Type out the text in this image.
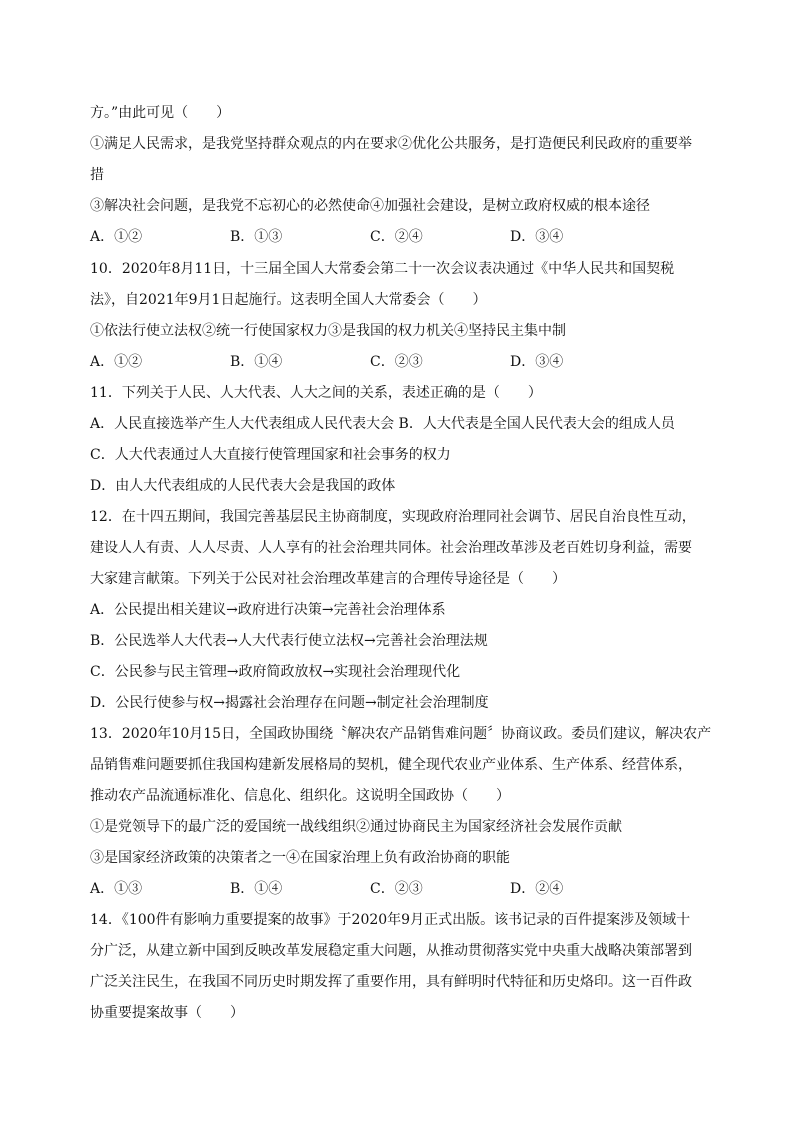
方。”由此可见（　　）
①满足人民需求，是我党坚持群众观点的内在要求②优化公共服务，是打造便民利民政府的重要举
措
③解决社会问题，是我党不忘初心的必然使命④加强社会建设，是树立政府权威的根本途径
A．①②	B．①③	C．②④	D．③④
10．2020年8月11日，十三届全国人大常委会第二十一次会议表决通过《中华人民共和国契税
法》，自2021年9月1日起施行。这表明全国人大常委会（　　）
①依法行使立法权②统一行使国家权力③是我国的权力机关④坚持民主集中制
A．①②	B．①④	C．②③	D．③④
11．下列关于人民、人大代表、人大之间的关系，表述正确的是（　　）
A．人民直接选举产生人大代表组成人民代表大会 B．人大代表是全国人民代表大会的组成人员
C．人大代表通过人大直接行使管理国家和社会事务的权力
D．由人大代表组成的人民代表大会是我国的政体
12．在十四五期间，我国完善基层民主协商制度，实现政府治理同社会调节、居民自治良性互动，
建设人人有责、人人尽责、人人享有的社会治理共同体。社会治理改革涉及老百姓切身利益，需要
大家建言献策。下列关于公民对社会治理改革建言的合理传导途径是（　　）
A．公民提出相关建议→政府进行决策→完善社会治理体系
B．公民选举人大代表→人大代表行使立法权→完善社会治理法规
C．公民参与民主管理→政府简政放权→实现社会治理现代化
D．公民行使参与权→揭露社会治理存在问题→制定社会治理制度
13．2020年10月15日，全国政协围绕〝解决农产品销售难问题〞协商议政。委员们建议，解决农产
品销售难问题要抓住我国构建新发展格局的契机，健全现代农业产业体系、生产体系、经营体系，
推动农产品流通标准化、信息化、组织化。这说明全国政协（　　）
①是党领导下的最广泛的爱国统一战线组织②通过协商民主为国家经济社会发展作贡献
③是国家经济政策的决策者之一④在国家治理上负有政治协商的职能
A．①③	B．①④	C．②③	D．②④
14．《100件有影响力重要提案的故事》于2020年9月正式出版。该书记录的百件提案涉及领域十
分广泛，从建立新中国到反映改革发展稳定重大问题，从推动贯彻落实党中央重大战略决策部署到
广泛关注民生，在我国不同历史时期发挥了重要作用，具有鲜明时代特征和历史烙印。这一百件政
协重要提案故事（　　）
